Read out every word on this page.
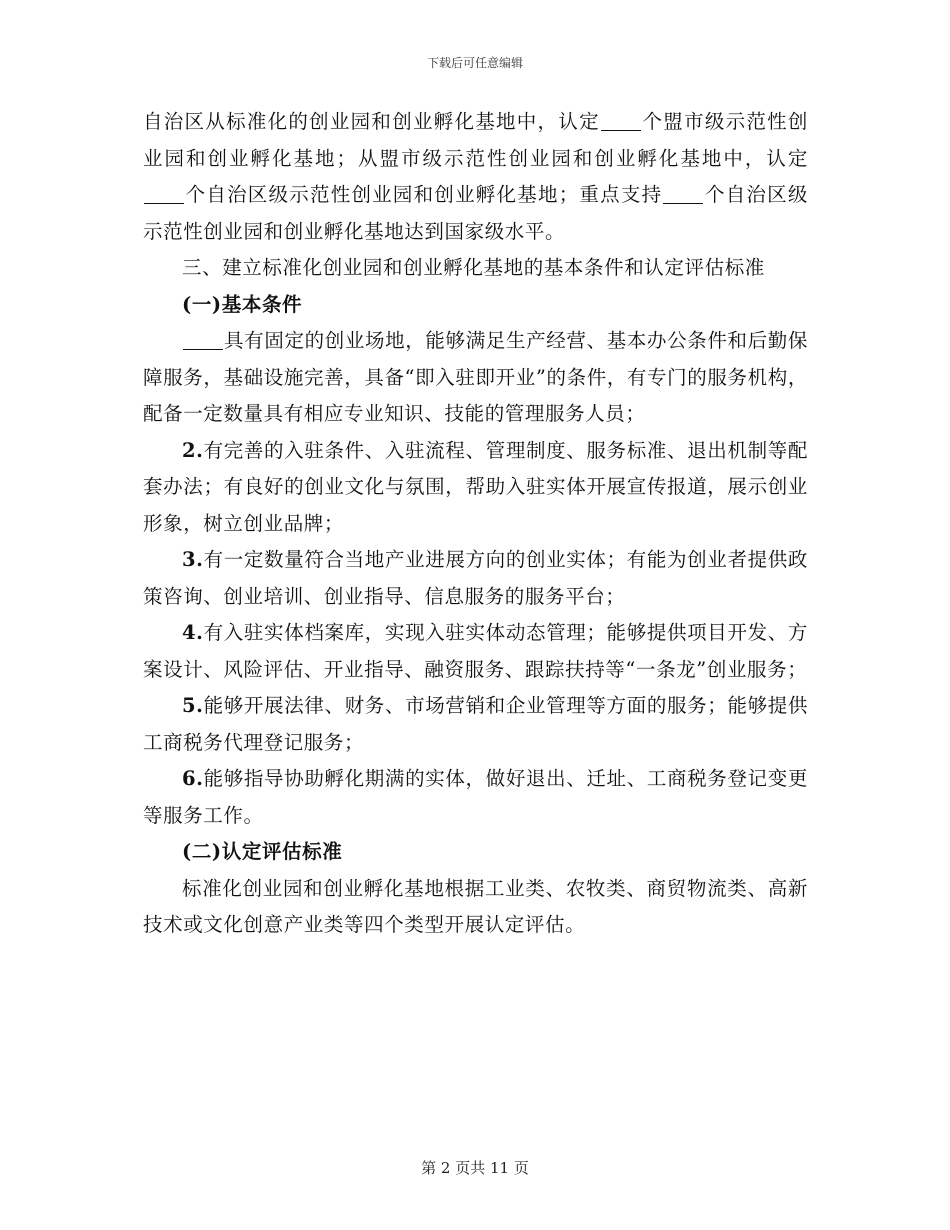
下载后可任意编辑

自治区从标准化的创业园和创业孵化基地中，认定 个盟市级示范性创业园和创业孵化基地；从盟市级示范性创业园和创业孵化基地中，认定个自治区级示范性创业园和创业孵化基地；重点支持 个自治区级示范性创业园和创业孵化基地达到国家级水平。

三、建立标准化创业园和创业孵化基地的基本条件和认定评估标准

(一)基本条件

具有固定的创业场地，能够满足生产经营、基本办公条件和后勤保障服务，基础设施完善，具备“即入驻即开业”的条件，有专门的服务机构，配备一定数量具有相应专业知识、技能的管理服务人员；

2.有完善的入驻条件、入驻流程、管理制度、服务标准、退出机制等配套办法；有良好的创业文化与氛围，帮助入驻实体开展宣传报道，展示创业形象，树立创业品牌；

3.有一定数量符合当地产业进展方向的创业实体；有能为创业者提供政策咨询、创业培训、创业指导、信息服务的服务平台；

4.有入驻实体档案库，实现入驻实体动态管理；能够提供项目开发、方案设计、风险评估、开业指导、融资服务、跟踪扶持等“一条龙”创业服务；

5.能够开展法律、财务、市场营销和企业管理等方面的服务；能够提供工商税务代理登记服务；

6.能够指导协助孵化期满的实体，做好退出、迁址、工商税务登记变更等服务工作。

(二)认定评估标准

标准化创业园和创业孵化基地根据工业类、农牧类、商贸物流类、高新技术或文化创意产业类等四个类型开展认定评估。

第 2 页共 11 页
